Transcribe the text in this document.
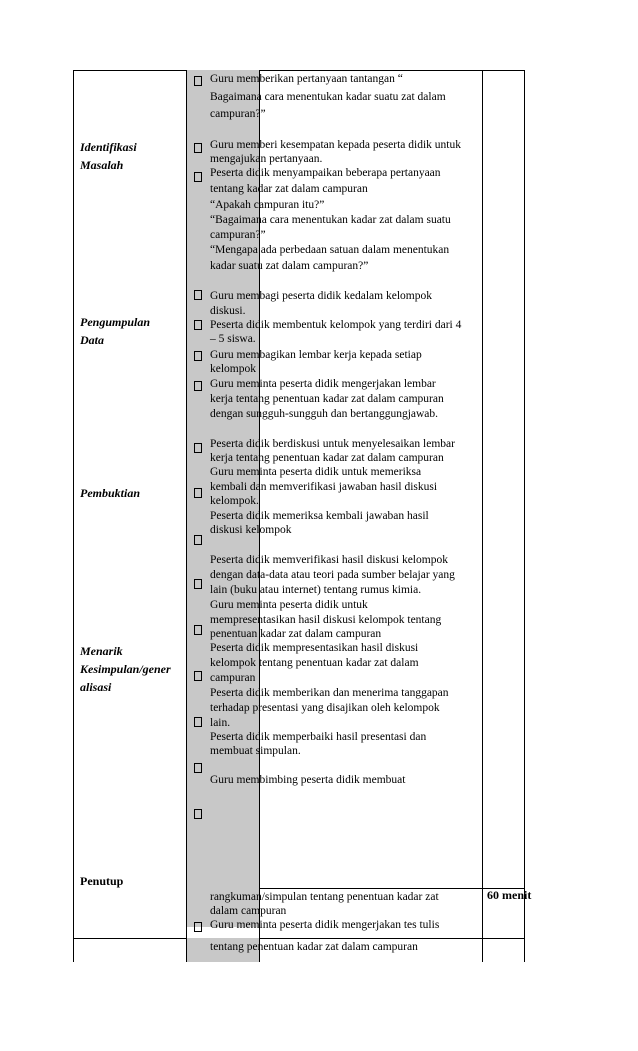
Identifikasi
Masalah
Pengumpulan
Data
Pembuktian
Menarik
Kesimpulan/gener
alisasi
Penutup
Guru memberikan pertanyaan tantangan “
Bagaimana cara menentukan kadar suatu zat dalam
campuran?”
Guru memberi kesempatan kepada peserta didik untuk
mengajukan pertanyaan.
Peserta didik menyampaikan beberapa pertanyaan
tentang kadar zat dalam campuran
“Apakah campuran itu?”
“Bagaimana cara menentukan kadar zat dalam suatu
campuran?”
“Mengapa ada perbedaan satuan dalam menentukan
kadar suatu zat dalam campuran?”
Guru membagi peserta didik kedalam kelompok
diskusi.
Peserta didik membentuk kelompok yang terdiri dari 4
– 5 siswa.
Guru membagikan lembar kerja kepada setiap
kelompok
Guru meminta peserta didik mengerjakan lembar
kerja tentang penentuan kadar zat dalam campuran
dengan sungguh-sungguh dan bertanggungjawab.
Peserta didik berdiskusi untuk menyelesaikan lembar
kerja tentang penentuan kadar zat dalam campuran
Guru meminta peserta didik untuk memeriksa
kembali dan memverifikasi jawaban hasil diskusi
kelompok.
Peserta didik memeriksa kembali jawaban hasil
diskusi kelompok
Peserta didik memverifikasi hasil diskusi kelompok
dengan data-data atau teori pada sumber belajar yang
lain (buku atau internet) tentang rumus kimia.
Guru meminta peserta didik untuk
mempresentasikan hasil diskusi kelompok tentang
penentuan kadar zat dalam campuran
Peserta didik mempresentasikan hasil diskusi
kelompok tentang penentuan kadar zat dalam
campuran
Peserta didik memberikan dan menerima tanggapan
terhadap presentasi yang disajikan oleh kelompok
lain.
Peserta didik memperbaiki hasil presentasi dan
membuat simpulan.
Guru membimbing peserta didik membuat
rangkuman/simpulan tentang penentuan kadar zat
dalam campuran
Guru meminta peserta didik mengerjakan tes tulis
tentang penentuan kadar zat dalam campuran
60 menit
